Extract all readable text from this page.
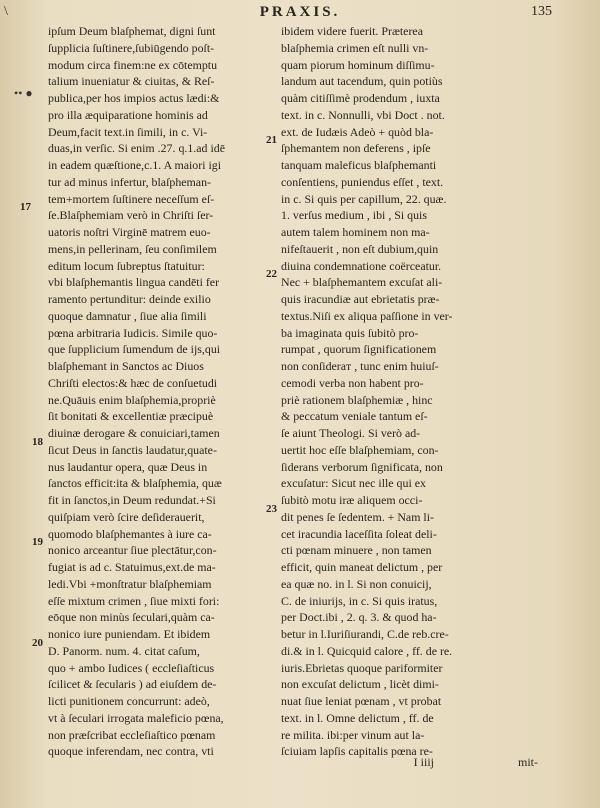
\	PRAXIS.	135
•• ●
ipſum Deum blaſphemat, digni ſunt
ſupplicia ſuſtinere,ſubiūgendo poſt-
modum circa finem:ne ex cōtemptu
talium inueniatur & ciuitas, & Reſ-
publica,per hos impios actus lædi:&
pro illa æquiparatione hominis ad
Deum,facit text.in ſimili, in c. Vi-
duas,in verſic. Si enim .27. q.1.ad idē
in eadem quæſtione,c.1. A maiori igi
tur ad minus infertur, blaſpheman-
tem+mortem ſuſtinere neceſſum eſ-
ſe.Blaſphemiam verò in Chriſti ſer-
uatoris noſtri Virginē matrem euo-
mens,in pellerinam, ſeu conſimilem
editum locum ſubreptus ſtatuitur:
vbi blaſphemantis lingua candēti fer
ramento pertunditur: deinde exilio
quoque damnatur , ſiue alia ſimili
pœna arbitraria Iudicis. Simile quo-
que ſupplicium ſumendum de ijs,qui
blaſphemant in Sanctos ac Diuos
Chriſti electos:& hæc de conſuetudi
ne.Quāuis enim blaſphemia,propriè
ſit bonitati & excellentiæ præcipuè
diuinæ derogare & conuiciari,tamen
ſicut Deus in ſanctis laudatur,quate-
nus laudantur opera, quæ Deus in
ſanctos efficit:ita & blaſphemia, quæ
fit in ſanctos,in Deum redundat.+Si
quiſpiam verò ſcire deſiderauerit,
quomodo blaſphemantes à iure ca-
nonico arceantur ſiue plectātur,con-
fugiat is ad c. Statuimus,ext.de ma-
ledi.Vbi +monſtratur blaſphemiam
eſſe mixtum crimen , ſiue mixti fori:
eōque non minùs ſeculari,quàm ca-
nonico iure puniendam. Et ibidem
D. Panorm. num. 4. citat caſum,
quo + ambo Iudices ( eccleſiaſticus
ſcilicet & ſecularis ) ad eiuſdem de-
licti punitionem concurrunt: adeò,
vt à ſeculari irrogata maleficio pœna,
non præſcribat eccleſiaſtico pœnam
quoque inferendam, nec contra, vti
ibidem videre fuerit. Præterea
blaſphemia crimen eſt nulli vn-
quam piorum hominum diſſimu-
landum aut tacendum, quin potiùs
quàm citiſſimè prodendum , iuxta
text. in c. Nonnulli, vbi Doct . not.
ext. de Iudæis Adeò + quòd bla-
ſphemantem non deferens , ipſe
tanquam maleficus blaſphemanti
conſentiens, puniendus eſſet , text.
in c. Si quis per capillum, 22. quæ.
1. verſus medium , ibi , Si quis
autem talem hominem non ma-
nifeſtauerit , non eſt dubium,quin
diuina condemnatione coërceatur.
Nec + blaſphemantem excuſat ali-
quis iracundiæ aut ebrietatis præ-
textus.Niſi ex aliqua paſſione in ver-
ba imaginata quis ſubitò pro-
rumpat , quorum ſignificationem
non conſideraт , tunc enim huiuſ-
cemodi verba non habent pro-
priè rationem blaſphemiæ , hinc
& peccatum veniale tantum eſ-
ſe aiunt Theologi. Si verò ad-
uertit hoc eſſe blaſphemiam, con-
ſiderans verborum ſignificata, non
excuſatur: Sicut nec ille qui ex
ſubitò motu iræ aliquem occi-
dit penes ſe ſedentem. + Nam li-
cet iracundia laceſſita ſoleat deli-
cti pœnam minuere , non tamen
efficit, quin maneat delictum , per
ea quæ no. in l. Si non conuicij,
C. de iniurijs, in c. Si quis iratus,
per Doct.ibi , 2. q. 3. & quod ha-
betur in l.Iuriſiurandi, C.de reb.cre-
di.& in l. Quicquid calore , ff. de re.
iuris.Ebrietas quoque pariformiter
non excuſat delictum , licèt dimi-
nuat ſiue leniat pœnam , vt probat
text. in l. Omne delictum , ff. de
re milita. ibi:per vinum aut la-
ſciuiam lapſis capitalis pœna re-
17
18
19
20
21
22
23
I iiij	mit-
